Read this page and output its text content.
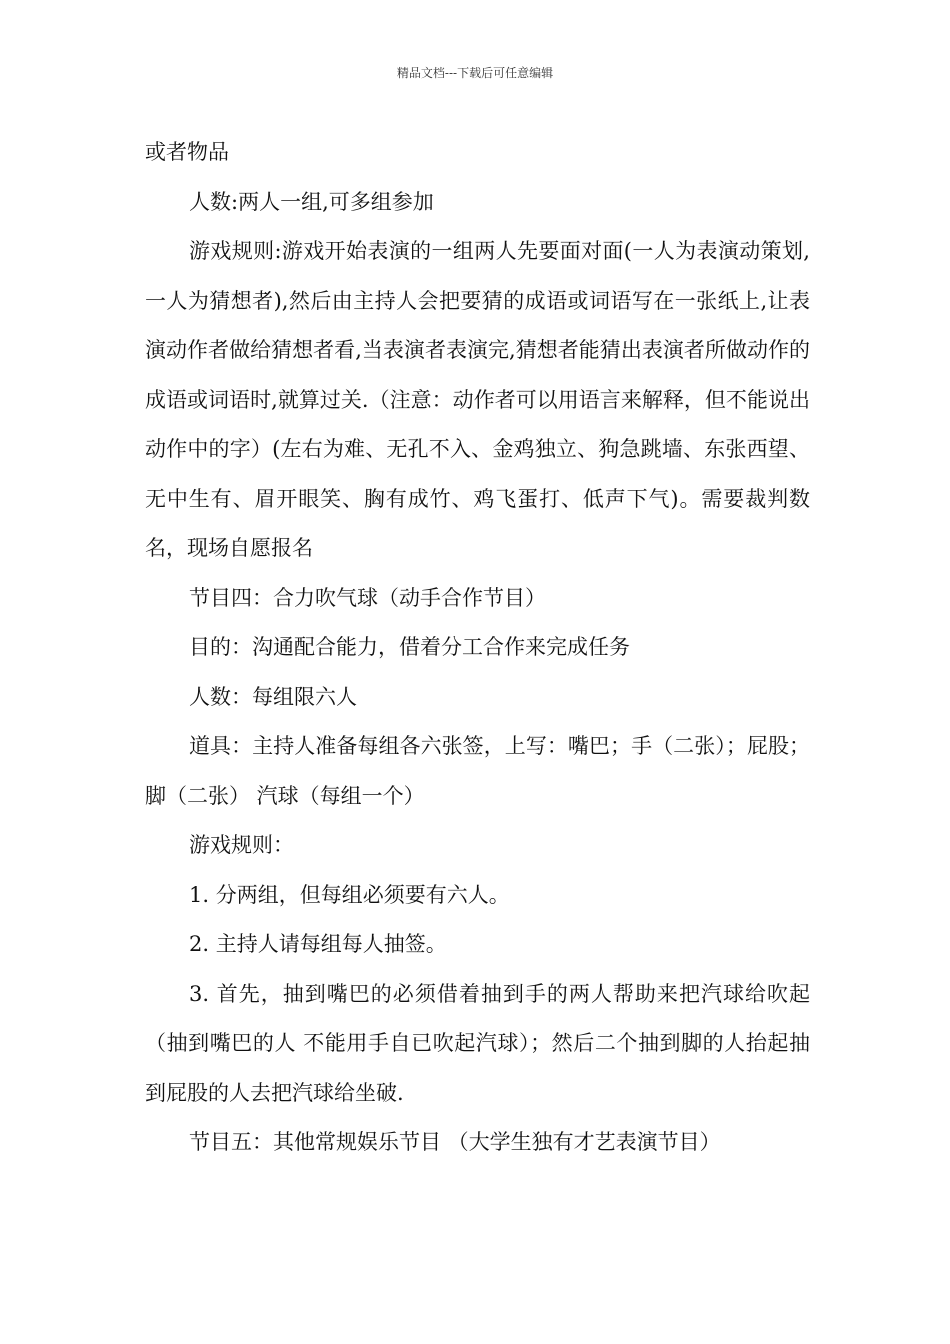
精品文档---下载后可任意编辑

或者物品

人数:两人一组,可多组参加

游戏规则:游戏开始表演的一组两人先要面对面(一人为表演动策划,一人为猜想者),然后由主持人会把要猜的成语或词语写在一张纸上,让表演动作者做给猜想者看,当表演者表演完,猜想者能猜出表演者所做动作的成语或词语时,就算过关.（注意：动作者可以用语言来解释，但不能说出动作中的字）(左右为难、无孔不入、金鸡独立、狗急跳墙、东张西望、无中生有、眉开眼笑、胸有成竹、鸡飞蛋打、低声下气)。需要裁判数名，现场自愿报名

节目四：合力吹气球（动手合作节目）

目的：沟通配合能力，借着分工合作来完成任务

人数：每组限六人

道具：主持人准备每组各六张签，上写：嘴巴；手（二张）；屁股；脚（二张） 汽球（每组一个）

游戏规则：

1. 分两组，但每组必须要有六人。

2. 主持人请每组每人抽签。

3. 首先，抽到嘴巴的必须借着抽到手的两人帮助来把汽球给吹起（抽到嘴巴的人 不能用手自已吹起汽球）；然后二个抽到脚的人抬起抽到屁股的人去把汽球给坐破.

节目五：其他常规娱乐节目 （大学生独有才艺表演节目）
